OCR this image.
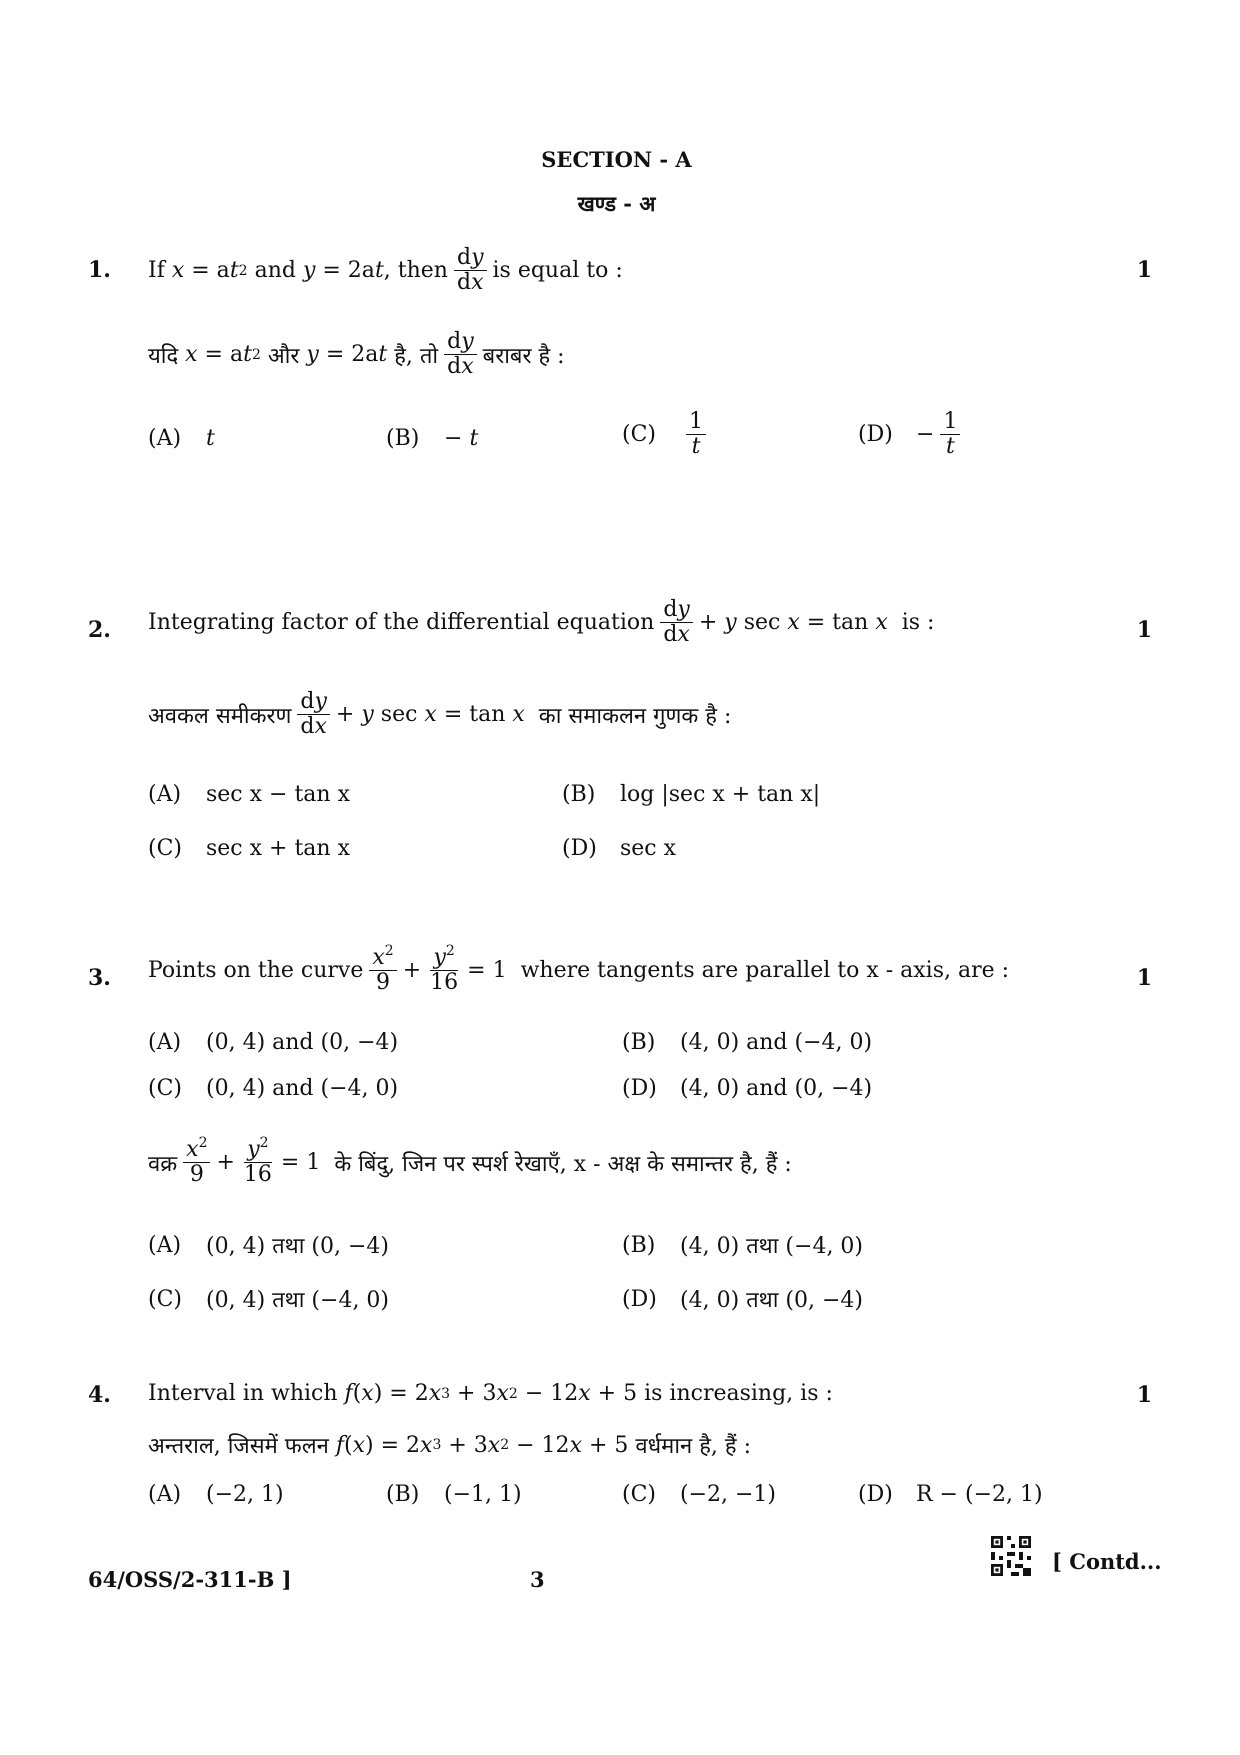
SECTION - A
खण्ड - अ
1.	1
If
x = a t 2
and
y = 2a t , then $\frac{dy}{dx}$ is equal to :
यदि
x = a t 2
और
y = 2a t
है, तो $\frac{dy}{dx}$ बराबर है :
(A)	t	(B)	− t	(C)	$\frac{1}{t}$	(D)	− $\frac{1}{t}$
2.	1
Integrating factor of the differential equation $\frac{dy}{dx} + y$ sec x = tan x
is :
अवकल समीकरण $\frac{dy}{dx} + y$ sec x = tan x
का समाकलन गुणक है :
(A)	sec x − tan x	(B)	log |sec x + tan x|
(C)	sec x + tan x	(D)	sec x
3.	1
Points on the curve $\frac{x^2}{9} + \frac{y^2}{16} = 1$ where tangents are parallel to x - axis, are :
(A)	(0, 4) and (0, −4)	(B)	(4, 0) and (−4, 0)
(C)	(0, 4) and (−4, 0)	(D)	(4, 0) and (0, −4)
वक्र $\frac{x^2}{9} + \frac{y^2}{16} = 1$ के बिंदु, जिन पर स्पर्श रेखाएँ, x - अक्ष के समान्तर है, हैं :
(A)	(0, 4) तथा (0, −4)	(B)	(4, 0) तथा (−4, 0)
(C)	(0, 4) तथा (−4, 0)	(D)	(4, 0) तथा (0, −4)
4.	1
Interval in which
f ( x ) = 2 x 3 + 3 x 2 − 12 x + 5 is increasing, is :
अन्तराल, जिसमें फलन
f ( x ) = 2 x 3 + 3 x 2 − 12 x + 5 वर्धमान है, हैं :
(A)	(−2, 1)	(B)	(−1, 1)	(C)	(−2, −1)	(D)	R − (−2, 1)
64/OSS/2-311-B ]	3
[ Contd...
